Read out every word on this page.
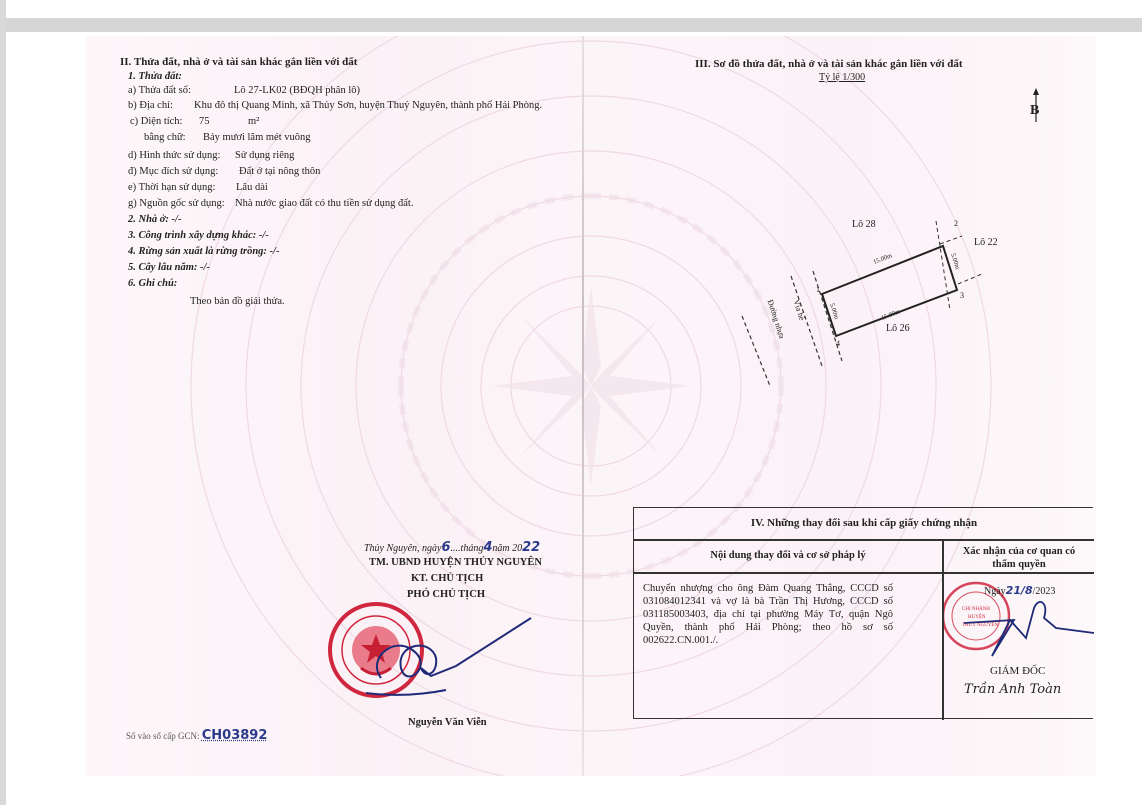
II. Thửa đất, nhà ở và tài sản khác gắn liền với đất
1. Thửa đất:
a) Thửa đất số:	Lô 27-LK02 (BĐQH phân lô)
b) Địa chỉ: Khu đô thị Quang Minh, xã Thủy Sơn, huyện Thuỷ Nguyên, thành phố Hải Phòng.
c) Diện tích: 75	m²
bằng chữ: Bảy mươi lăm mét vuông
d) Hình thức sử dụng: Sử dụng riêng
đ) Mục đích sử dụng: Đất ở tại nông thôn
e) Thời hạn sử dụng: Lâu dài
g) Nguồn gốc sử dụng: Nhà nước giao đất có thu tiền sử dụng đất.
2. Nhà ở: -/-
3. Công trình xây dựng khác: -/-
4. Rừng sản xuất là rừng trồng: -/-
5. Cây lâu năm: -/-
6. Ghi chú:
Theo bản đồ giải thửa.
Thủy Nguyên, ngày6....tháng4năm 2022
TM. UBND HUYỆN THỦY NGUYÊN
KT. CHỦ TỊCH
PHÓ CHỦ TỊCH
Nguyễn Văn Viễn
Số vào sổ cấp GCN: CH03892
III. Sơ đồ thửa đất, nhà ở và tài sản khác gắn liền với đất
Tỷ lệ 1/300
B
2
3
1
4
15.00m
15.00m
5.00m
5.00m
Lô 28
Lô 22
Lô 26
Vỉa hè
Đường nhựa
IV. Những thay đổi sau khi cấp giấy chứng nhận
Nội dung thay đổi và cơ sở pháp lý	Xác nhận của cơ quan có
thẩm quyền
Chuyển nhượng cho ông Đàm Quang Thắng, CCCD số 031084012341 và vợ là bà Trần Thị Hương, CCCD số 031185003403, địa chỉ tại phường Máy Tơ, quận Ngô Quyền, thành phố Hải Phòng; theo hồ sơ số 002622.CN.001./.
CHI NHÁNH
HUYỆN
THỦY NGUYÊN
Ngày21/8/2023
GIÁM ĐỐC
Trần Anh Toàn
